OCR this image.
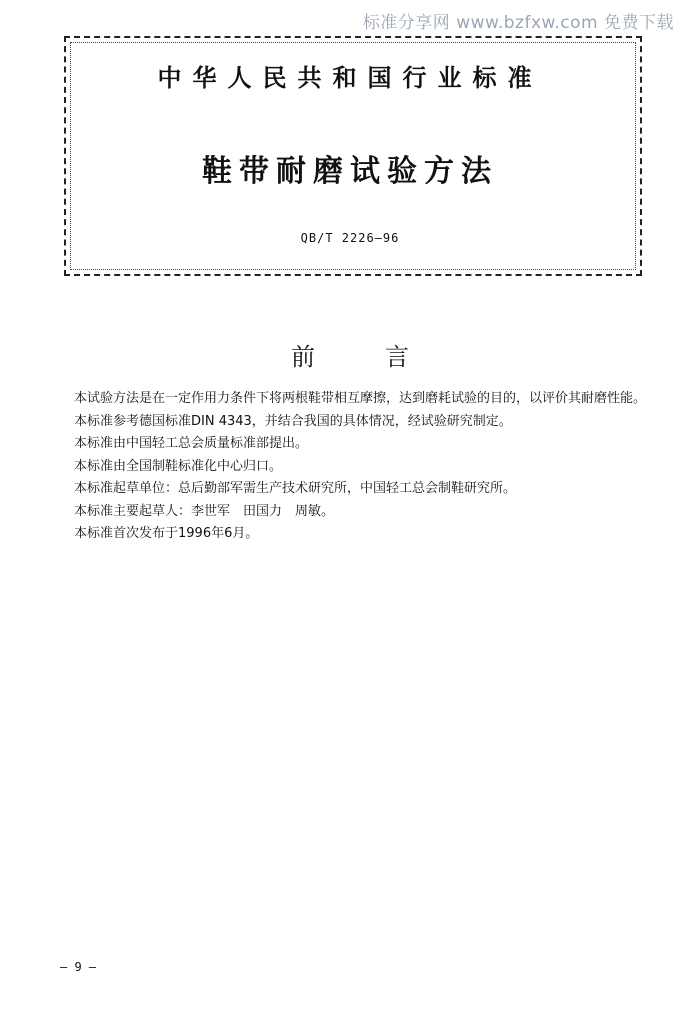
标准分享网 www.bzfxw.com 免费下载
中华人民共和国行业标准
鞋带耐磨试验方法
QB/T 2226—96
前言

本试验方法是在一定作用力条件下将两根鞋带相互摩擦，达到磨耗试验的目的，以评价其耐磨性能。

本标准参考德国标准DIN 4343，并结合我国的具体情况，经试验研究制定。

本标准由中国轻工总会质量标准部提出。

本标准由全国制鞋标准化中心归口。

本标准起草单位：总后勤部军需生产技术研究所，中国轻工总会制鞋研究所。

本标准主要起草人：李世军　田国力　周敏。

本标准首次发布于1996年6月。

— 9 —
